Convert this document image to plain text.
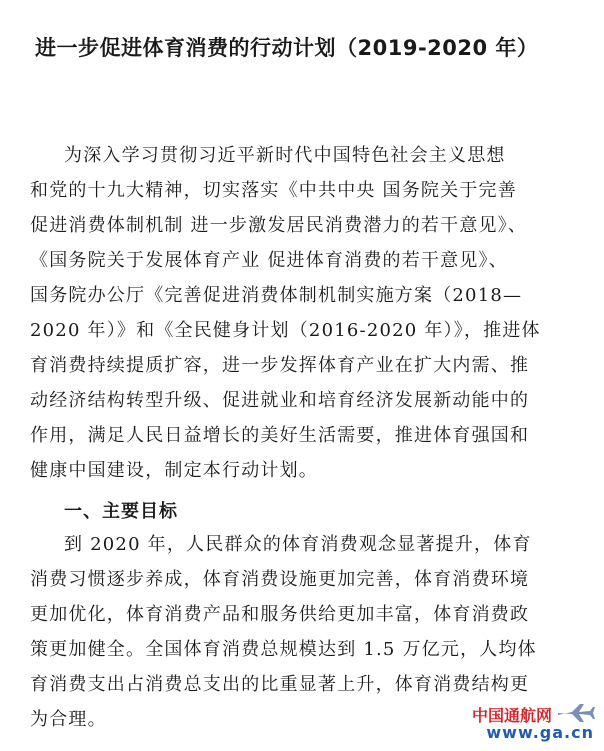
进一步促进体育消费的行动计划（2019-2020 年）

为深入学习贯彻习近平新时代中国特色社会主义思想

和党的十九大精神，切实落实《中共中央 国务院关于完善

促进消费体制机制 进一步激发居民消费潜力的若干意见》、

《国务院关于发展体育产业 促进体育消费的若干意见》、

国务院办公厅《完善促进消费体制机制实施方案（2018—

2020 年）》和《全民健身计划（2016-2020 年）》，推进体

育消费持续提质扩容，进一步发挥体育产业在扩大内需、推

动经济结构转型升级、促进就业和培育经济发展新动能中的

作用，满足人民日益增长的美好生活需要，推进体育强国和

健康中国建设，制定本行动计划。

一、主要目标

到 2020 年，人民群众的体育消费观念显著提升，体育

消费习惯逐步养成，体育消费设施更加完善，体育消费环境

更加优化，体育消费产品和服务供给更加丰富，体育消费政

策更加健全。全国体育消费总规模达到 1.5 万亿元，人均体

育消费支出占消费总支出的比重显著上升，体育消费结构更

为合理。	中国通航网
www.ga.cn
